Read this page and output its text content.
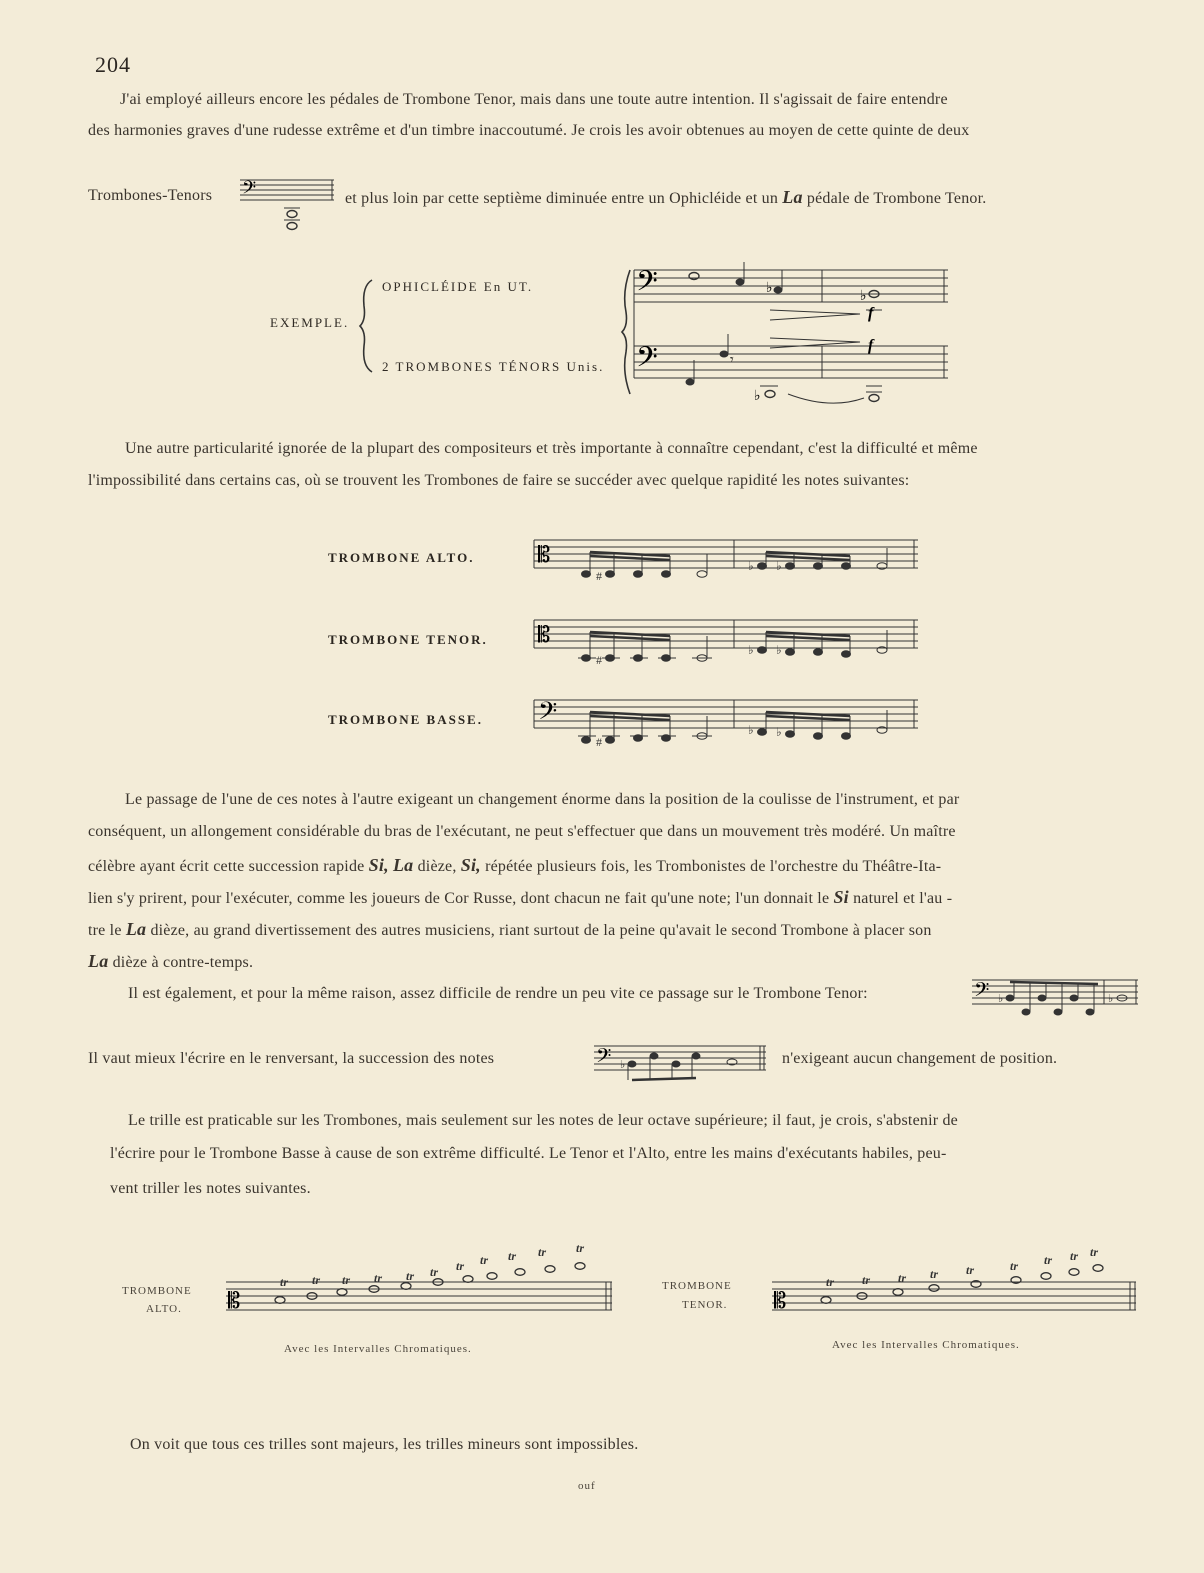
204
J'ai employé ailleurs encore les pédales de Trombone Tenor, mais dans une toute autre intention. Il s'agissait de faire entendre
des harmonies graves d'une rudesse extrême et d'un timbre inaccoutumé. Je crois les avoir obtenues au moyen de cette quinte de deux
Trombones-Tenors 𝄢	et plus loin par cette septième diminuée entre un Ophicléide et un La pédale de Trombone Tenor.
EXEMPLE.
OPHICLÉIDE En UT.
2 TROMBONES TÉNORS Unis.
𝄢
𝄢
♭
♭
f
f
𝄾
♭
Une autre particularité ignorée de la plupart des compositeurs et très importante à connaître cependant, c'est la difficulté et même
l'impossibilité dans certains cas, où se trouvent les Trombones de faire se succéder avec quelque rapidité les notes suivantes:
TROMBONE ALTO.
TROMBONE TENOR.
TROMBONE BASSE.
𝄡
𝄡
𝄢
#
♭ ♭
#
♭ ♭
#
♭ ♭
Le passage de l'une de ces notes à l'autre exigeant un changement énorme dans la position de la coulisse de l'instrument, et par
conséquent, un allongement considérable du bras de l'exécutant, ne peut s'effectuer que dans un mouvement très modéré. Un maître
célèbre ayant écrit cette succession rapide Si, La dièze, Si, répétée plusieurs fois, les Trombonistes de l'orchestre du Théâtre-Ita-
lien s'y prirent, pour l'exécuter, comme les joueurs de Cor Russe, dont chacun ne fait qu'une note; l'un donnait le Si naturel et l'au -
tre le La dièze, au grand divertissement des autres musiciens, riant surtout de la peine qu'avait le second Trombone à placer son
La dièze à contre-temps.
Il est également, et pour la même raison, assez difficile de rendre un peu vite ce passage sur le Trombone Tenor:	𝄢 ♭	♭
Il vaut mieux l'écrire en le renversant, la succession des notes	𝄢 ♭	n'exigeant aucun changement de position.
Le trille est praticable sur les Trombones, mais seulement sur les notes de leur octave supérieure; il faut, je crois, s'abstenir de
l'écrire pour le Trombone Basse à cause de son extrême difficulté. Le Tenor et l'Alto, entre les mains d'exécutants habiles, peu-
vent triller les notes suivantes.
TROMBONE
ALTO.
TROMBONE
TENOR.
𝄡
tr tr tr tr tr tr tr tr tr tr tr
𝄡
tr tr tr tr tr	tr tr tr tr
Avec les Intervalles Chromatiques.	Avec les Intervalles Chromatiques.
On voit que tous ces trilles sont majeurs, les trilles mineurs sont impossibles.
ouf
